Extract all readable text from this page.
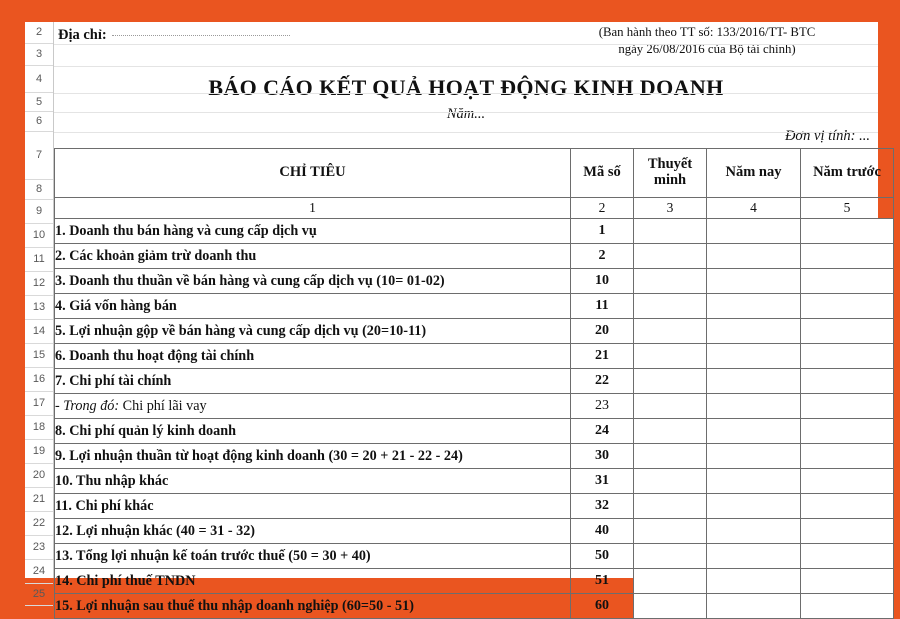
2
3
4
5
6
7
8
9
10
11
12
13
14
15
16
17
18
19
20
21
22
23
24
25
Địa chỉ:	(Ban hành theo TT số: 133/2016/TT- BTC
ngày 26/08/2016 của Bộ tài chính)
BÁO CÁO KẾT QUẢ HOẠT ĐỘNG KINH DOANH
Năm...
Đơn vị tính: ...
CHỈ TIÊU	Mã số	Thuyết minh	Năm nay	Năm trước
1	2	3	4	5
1. Doanh thu bán hàng và cung cấp dịch vụ	1			
2. Các khoản giảm trừ doanh thu	2			
3. Doanh thu thuần về bán hàng và cung cấp dịch vụ (10= 01-02)	10			
4. Giá vốn hàng bán	11			
5. Lợi nhuận gộp về bán hàng và cung cấp dịch vụ (20=10-11)	20			
6. Doanh thu hoạt động tài chính	21			
7. Chi phí tài chính	22			
- Trong đó: Chi phí lãi vay	23			
8. Chi phí quản lý kinh doanh	24			
9. Lợi nhuận thuần từ hoạt động kinh doanh (30 = 20 + 21 - 22 - 24)	30			
10. Thu nhập khác	31			
11. Chi phí khác	32			
12. Lợi nhuận khác (40 = 31 - 32)	40			
13. Tổng lợi nhuận kế toán trước thuế (50 = 30 + 40)	50			
14. Chi phí thuế TNDN	51			
15. Lợi nhuận sau thuế thu nhập doanh nghiệp (60=50 - 51)	60			
